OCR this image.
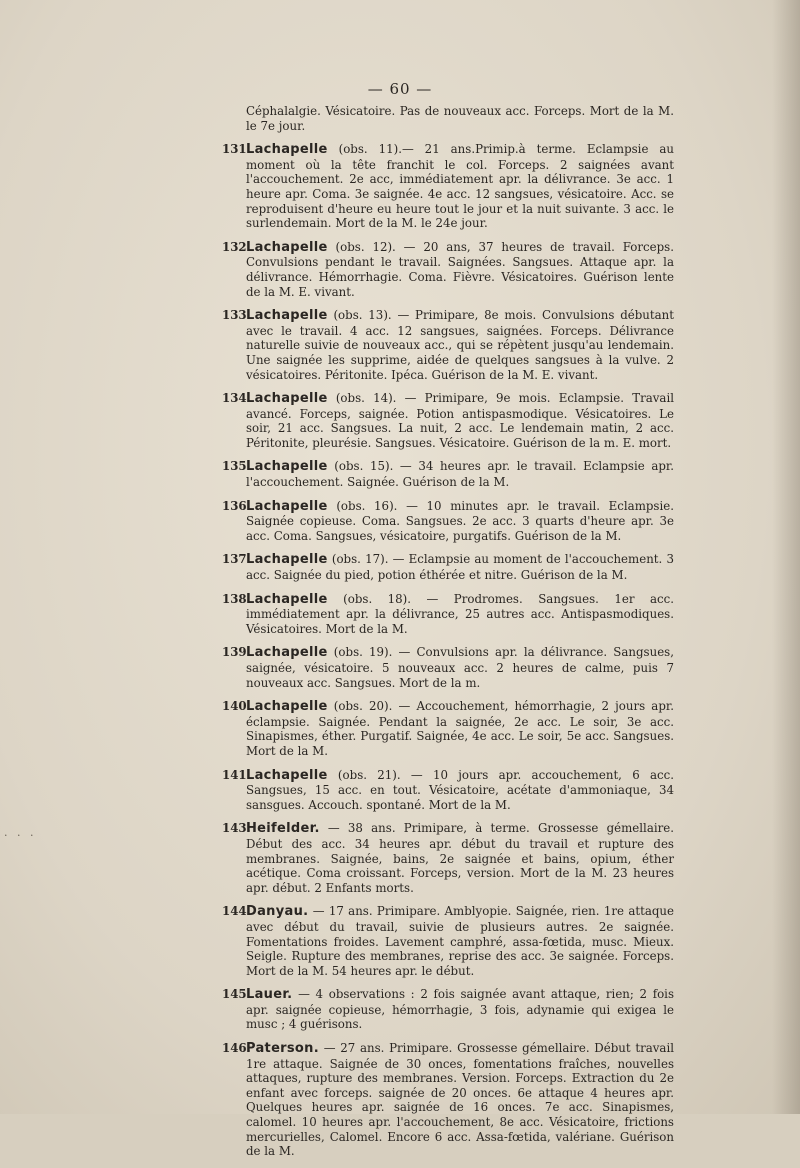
— 60 —
. . .

Céphalalgie. Vésicatoire. Pas de nouveaux acc. Forceps. Mort de la M. le 7e jour.

131.
Lachapelle (obs. 11).— 21 ans.Primip.à terme. Eclampsie au moment où la tête franchit le col. Forceps. 2 saignées avant l'accouchement. 2e acc, immédiatement apr. la délivrance. 3e acc. 1 heure apr. Coma. 3e saignée. 4e acc. 12 sangsues, vésicatoire. Acc. se reproduisent d'heure eu heure tout le jour et la nuit suivante. 3 acc. le surlendemain. Mort de la M. le 24e jour.

132.
Lachapelle (obs. 12). — 20 ans, 37 heures de travail. Forceps. Convulsions pendant le travail. Saignées. Sangsues. Attaque apr. la délivrance. Hémorrhagie. Coma. Fièvre. Vésicatoires. Guérison lente de la M. E. vivant.

133.
Lachapelle (obs. 13). — Primipare, 8e mois. Convulsions débutant avec le travail. 4 acc. 12 sangsues, saignées. Forceps. Délivrance naturelle suivie de nouveaux acc., qui se répètent jusqu'au lendemain. Une saignée les supprime, aidée de quelques sangsues à la vulve. 2 vésicatoires. Péritonite. Ipéca. Guérison de la M. E. vivant.

134.
Lachapelle (obs. 14). — Primipare, 9e mois. Eclampsie. Travail avancé. Forceps, saignée. Potion antispasmodique. Vésicatoires. Le soir, 21 acc. Sangsues. La nuit, 2 acc. Le lendemain matin, 2 acc. Péritonite, pleurésie. Sangsues. Vésicatoire. Guérison de la m. E. mort.

135.
Lachapelle (obs. 15). — 34 heures apr. le travail. Eclampsie apr. l'accouchement. Saignée. Guérison de la M.

136.
Lachapelle (obs. 16). — 10 minutes apr. le travail. Eclampsie. Saignée copieuse. Coma. Sangsues. 2e acc. 3 quarts d'heure apr. 3e acc. Coma. Sangsues, vésicatoire, purgatifs. Guérison de la M.

137.
Lachapelle (obs. 17). — Eclampsie au moment de l'accouchement. 3 acc. Saignée du pied, potion éthérée et nitre. Guérison de la M.

138.
Lachapelle (obs. 18). — Prodromes. Sangsues. 1er acc. immédiatement apr. la délivrance, 25 autres acc. Antispasmodiques. Vésicatoires. Mort de la M.

139.
Lachapelle (obs. 19). — Convulsions apr. la délivrance. Sangsues, saignée, vésicatoire. 5 nouveaux acc. 2 heures de calme, puis 7 nouveaux acc. Sangsues. Mort de la m.

140.
Lachapelle (obs. 20). — Accouchement, hémorrhagie, 2 jours apr. éclampsie. Saignée. Pendant la saignée, 2e acc. Le soir, 3e acc. Sinapismes, éther. Purgatif. Saignée, 4e acc. Le soir, 5e acc. Sangsues. Mort de la M.

141.
Lachapelle (obs. 21). — 10 jours apr. accouchement, 6 acc. Sangsues, 15 acc. en tout. Vésicatoire, acétate d'ammoniaque, 34 sansgues. Accouch. spontané. Mort de la M.

143.
Heifelder. — 38 ans. Primipare, à terme. Grossesse gémellaire. Début des acc. 34 heures apr. début du travail et rupture des membranes. Saignée, bains, 2e saignée et bains, opium, éther acétique. Coma croissant. Forceps, version. Mort de la M. 23 heures apr. début. 2 Enfants morts.

144.
Danyau. — 17 ans. Primipare. Amblyopie. Saignée, rien. 1re attaque avec début du travail, suivie de plusieurs autres. 2e saignée. Fomentations froides. Lavement camphré, assa-fœtida, musc. Mieux. Seigle. Rupture des membranes, reprise des acc. 3e saignée. Forceps. Mort de la M. 54 heures apr. le début.

145.
Lauer. — 4 observations : 2 fois saignée avant attaque, rien; 2 fois apr. saignée copieuse, hémorrhagie, 3 fois, adynamie qui exigea le musc ; 4 guérisons.

146.
Paterson. — 27 ans. Primipare. Grossesse gémellaire. Début travail 1re attaque. Saignée de 30 onces, fomentations fraîches, nouvelles attaques, rupture des membranes. Version. Forceps. Extraction du 2e enfant avec forceps. saignée de 20 onces. 6e attaque 4 heures apr. Quelques heures apr. saignée de 16 onces. 7e acc. Sinapismes, calomel. 10 heures apr. l'accouchement, 8e acc. Vésicatoire, frictions mercurielles, Calomel. Encore 6 acc. Assa-fœtida, valériane. Guérison de la M.
